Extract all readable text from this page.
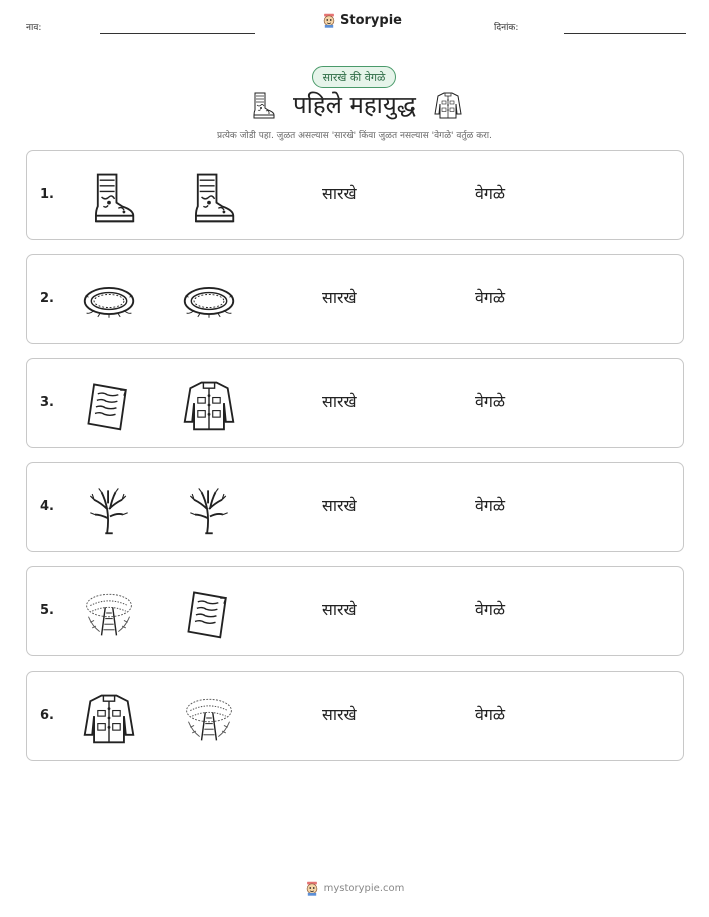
नाव:
Storypie
दिनांक:
सारखे की वेगळे
पहिले महायुद्ध
प्रत्येक जोडी पहा. जुळत असल्यास 'सारखे' किंवा जुळत नसल्यास 'वेगळे' वर्तुळ करा.
1.	सारखे	वेगळे
2.	सारखे	वेगळे
3.	सारखे	वेगळे
4.	सारखे	वेगळे
5.	सारखे	वेगळे
6.	सारखे	वेगळे
mystorypie.com
